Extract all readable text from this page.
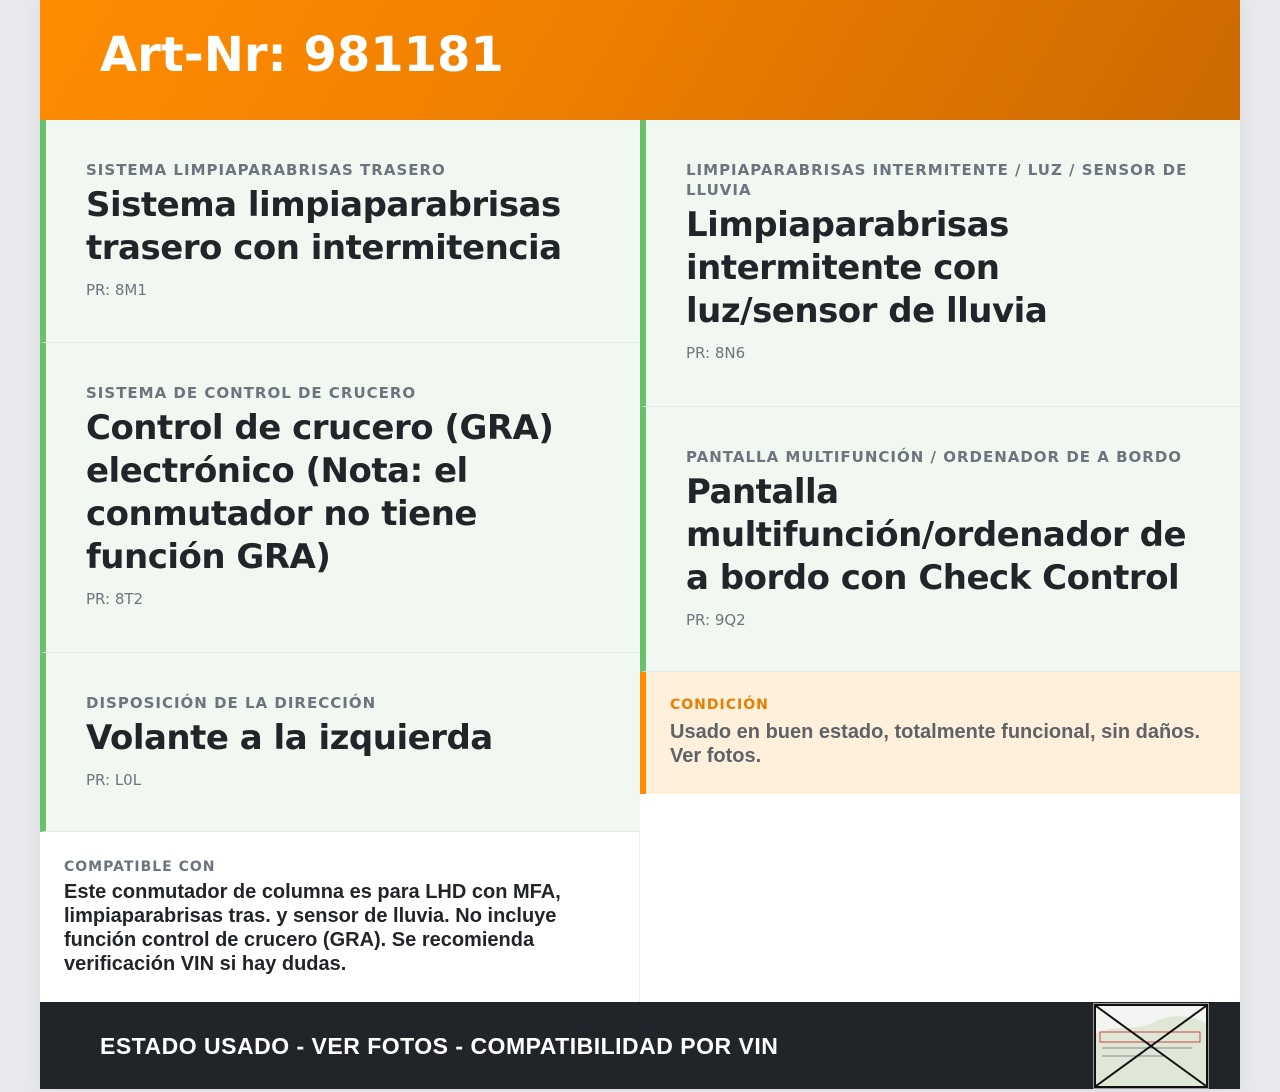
Art-Nr: 981181
SISTEMA LIMPIAPARABRISAS TRASERO
Sistema limpiaparabrisas trasero con intermitencia
PR: 8M1
SISTEMA DE CONTROL DE CRUCERO
Control de crucero (GRA) electrónico (Nota: el conmutador no tiene función GRA)
PR: 8T2
DISPOSICIÓN DE LA DIRECCIÓN
Volante a la izquierda
PR: L0L
LIMPIAPARABRISAS INTERMITENTE / LUZ / SENSOR DE LLUVIA
Limpiaparabrisas intermitente con luz/sensor de lluvia
PR: 8N6
PANTALLA MULTIFUNCIÓN / ORDENADOR DE A BORDO
Pantalla multifunción/ordenador de a bordo con Check Control
PR: 9Q2
CONDICIÓN
Usado en buen estado, totalmente funcional, sin daños. Ver fotos.
COMPATIBLE CON
Este conmutador de columna es para LHD con MFA, limpiaparabrisas tras. y sensor de lluvia. No incluye función control de crucero (GRA). Se recomienda verificación VIN si hay dudas.
ESTADO USADO - VER FOTOS - COMPATIBILIDAD POR VIN
